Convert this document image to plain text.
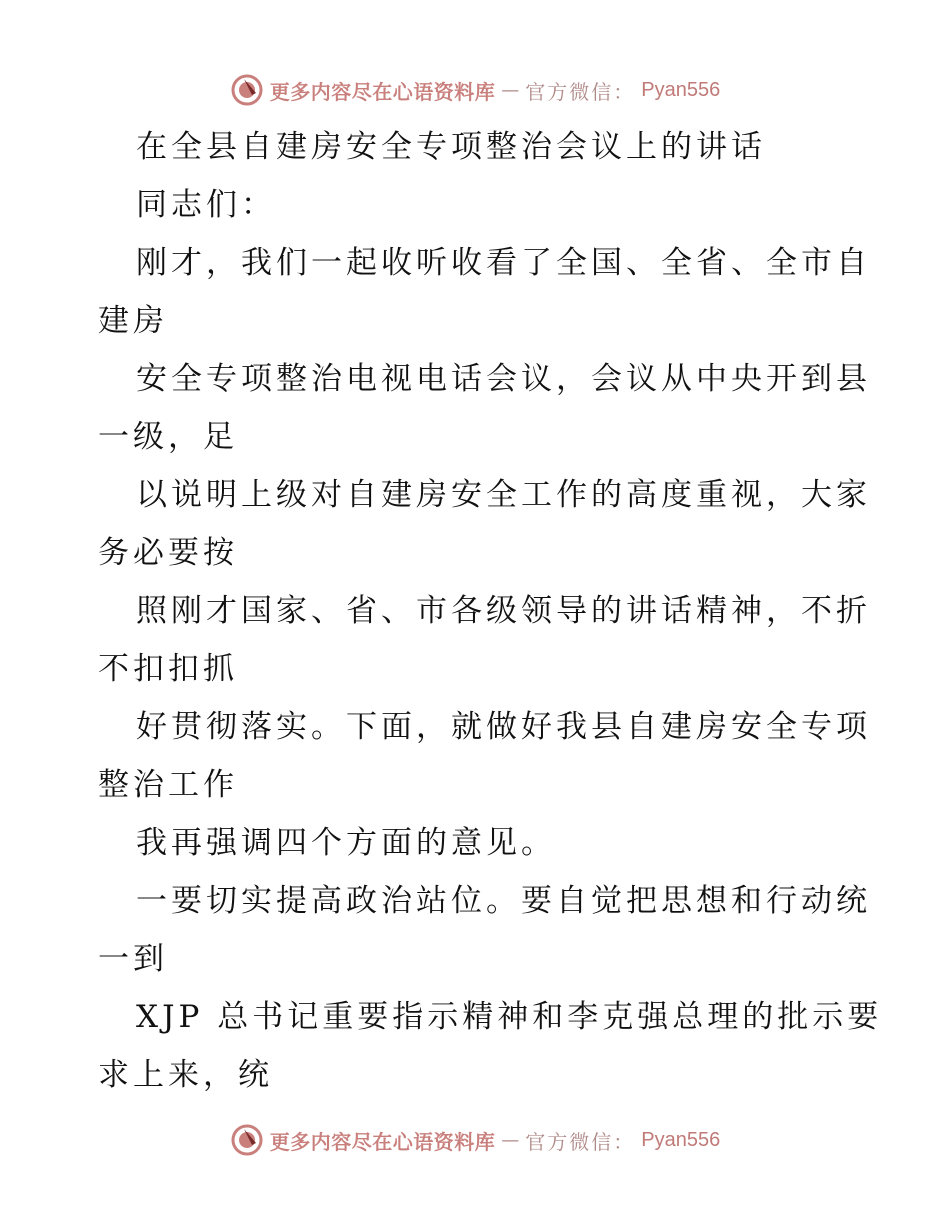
更多内容尽在心语资料库 — 官方微信： Pyan556
在全县自建房安全专项整治会议上的讲话
同志们：
刚才，我们一起收听收看了全国、全省、全市自
建房
安全专项整治电视电话会议，会议从中央开到县
一级，足
以说明上级对自建房安全工作的高度重视，大家
务必要按
照刚才国家、省、市各级领导的讲话精神，不折
不扣扣抓
好贯彻落实。下面，就做好我县自建房安全专项
整治工作
我再强调四个方面的意见。
一要切实提高政治站位。要自觉把思想和行动统
一到
XJP 总书记重要指示精神和李克强总理的批示要
求上来，统
更多内容尽在心语资料库 — 官方微信： Pyan556
